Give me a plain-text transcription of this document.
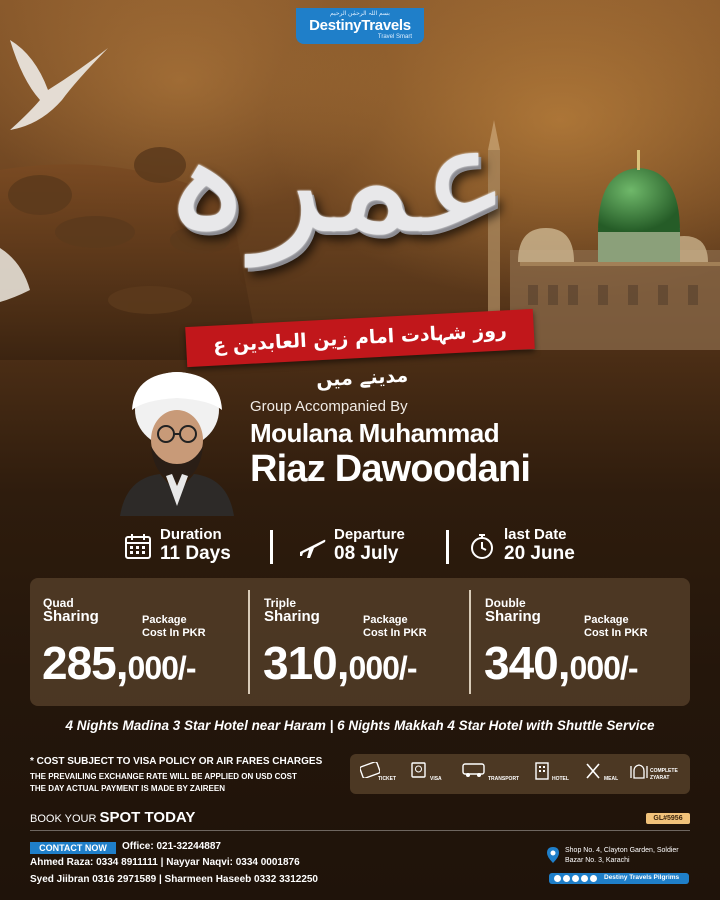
بسم اللہ الرحمٰن الرحیم
DestinyTravels
Travel Smart
عمرہ
روز شہادت امام زین العابدین ع مدینے میں
Group Accompanied By
Moulana Muhammad
Riaz Dawoodani
Duration
11 Days
Departure
08 July
last Date
20 June
Quad
Sharing	Package
Cost In PKR
285,000/-
Triple
Sharing	Package
Cost In PKR
310,000/-
Double
Sharing	Package
Cost In PKR
340,000/-
4 Nights Madina 3 Star Hotel near Haram | 6 Nights Makkah 4 Star Hotel with Shuttle Service
* COST SUBJECT TO VISA POLICY OR AIR FARES CHARGES
THE PREVAILING EXCHANGE RATE WILL BE APPLIED ON USD COST
THE DAY ACTUAL PAYMENT IS MADE BY ZAIREEN
TICKET	VISA	TRANSPORT	HOTEL	MEAL
COMPLETE
ZYARAT
BOOK YOUR SPOT TODAY	GL#5956
CONTACT NOW	Office: 021-32244887
Ahmed Raza: 0334 8911111 | Nayyar Naqvi: 0334 0001876
Syed Jiibran 0316 2971589 | Sharmeen Haseeb 0332 3312250
Shop No. 4, Clayton Garden, Soldier
Bazar No. 3, Karachi
Destiny Travels Pilgrims
